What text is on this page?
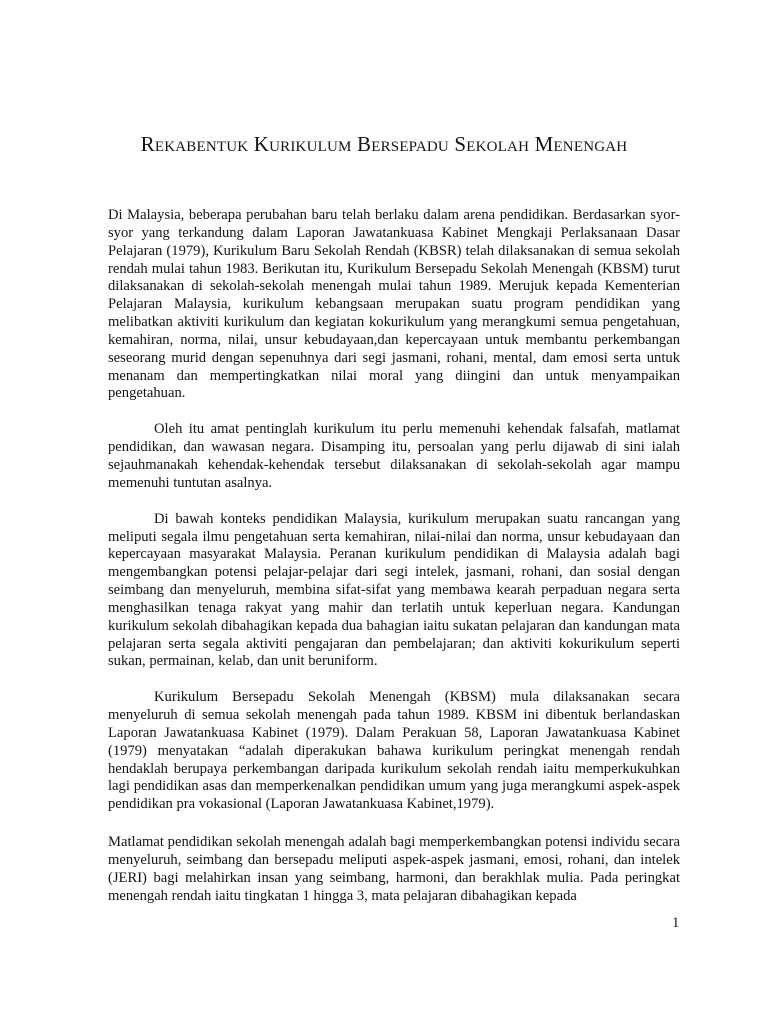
Rekabentuk Kurikulum Bersepadu Sekolah Menengah

Di Malaysia, beberapa perubahan baru telah berlaku dalam arena pendidikan. Berdasarkan syor-syor yang terkandung dalam Laporan Jawatankuasa Kabinet Mengkaji Perlaksanaan Dasar Pelajaran (1979), Kurikulum Baru Sekolah Rendah (KBSR) telah dilaksanakan di semua sekolah rendah mulai tahun 1983. Berikutan itu, Kurikulum Bersepadu Sekolah Menengah (KBSM) turut dilaksanakan di sekolah-sekolah menengah mulai tahun 1989. Merujuk kepada Kementerian Pelajaran Malaysia, kurikulum kebangsaan merupakan suatu program pendidikan yang melibatkan aktiviti kurikulum dan kegiatan kokurikulum yang merangkumi semua pengetahuan, kemahiran, norma, nilai, unsur kebudayaan,dan kepercayaan untuk membantu perkembangan seseorang murid dengan sepenuhnya dari segi jasmani, rohani, mental, dam emosi serta untuk menanam dan mempertingkatkan nilai moral yang diingini dan untuk menyampaikan pengetahuan.

Oleh itu amat pentinglah kurikulum itu perlu memenuhi kehendak falsafah, matlamat pendidikan, dan wawasan negara. Disamping itu, persoalan yang perlu dijawab di sini ialah sejauhmanakah kehendak-kehendak tersebut dilaksanakan di sekolah-sekolah agar mampu memenuhi tuntutan asalnya.

Di bawah konteks pendidikan Malaysia, kurikulum merupakan suatu rancangan yang meliputi segala ilmu pengetahuan serta kemahiran, nilai-nilai dan norma, unsur kebudayaan dan kepercayaan masyarakat Malaysia. Peranan kurikulum pendidikan di Malaysia adalah bagi mengembangkan potensi pelajar-pelajar dari segi intelek, jasmani, rohani, dan sosial dengan seimbang dan menyeluruh, membina sifat-sifat yang membawa kearah perpaduan negara serta menghasilkan tenaga rakyat yang mahir dan terlatih untuk keperluan negara. Kandungan kurikulum sekolah dibahagikan kepada dua bahagian iaitu sukatan pelajaran dan kandungan mata pelajaran serta segala aktiviti pengajaran dan pembelajaran; dan aktiviti kokurikulum seperti sukan, permainan, kelab, dan unit beruniform.

Kurikulum Bersepadu Sekolah Menengah (KBSM) mula dilaksanakan secara menyeluruh di semua sekolah menengah pada tahun 1989. KBSM ini dibentuk berlandaskan Laporan Jawatankuasa Kabinet (1979). Dalam Perakuan 58, Laporan Jawatankuasa Kabinet (1979) menyatakan “adalah diperakukan bahawa kurikulum peringkat menengah rendah hendaklah berupaya perkembangan daripada kurikulum sekolah rendah iaitu memperkukuhkan lagi pendidikan asas dan memperkenalkan pendidikan umum yang juga merangkumi aspek-aspek pendidikan pra vokasional (Laporan Jawatankuasa Kabinet,1979).

Matlamat pendidikan sekolah menengah adalah bagi memperkembangkan potensi individu secara menyeluruh, seimbang dan bersepadu meliputi aspek-aspek jasmani, emosi, rohani, dan intelek (JERI) bagi melahirkan insan yang seimbang, harmoni, dan berakhlak mulia. Pada peringkat menengah rendah iaitu tingkatan 1 hingga 3, mata pelajaran dibahagikan kepada

1
